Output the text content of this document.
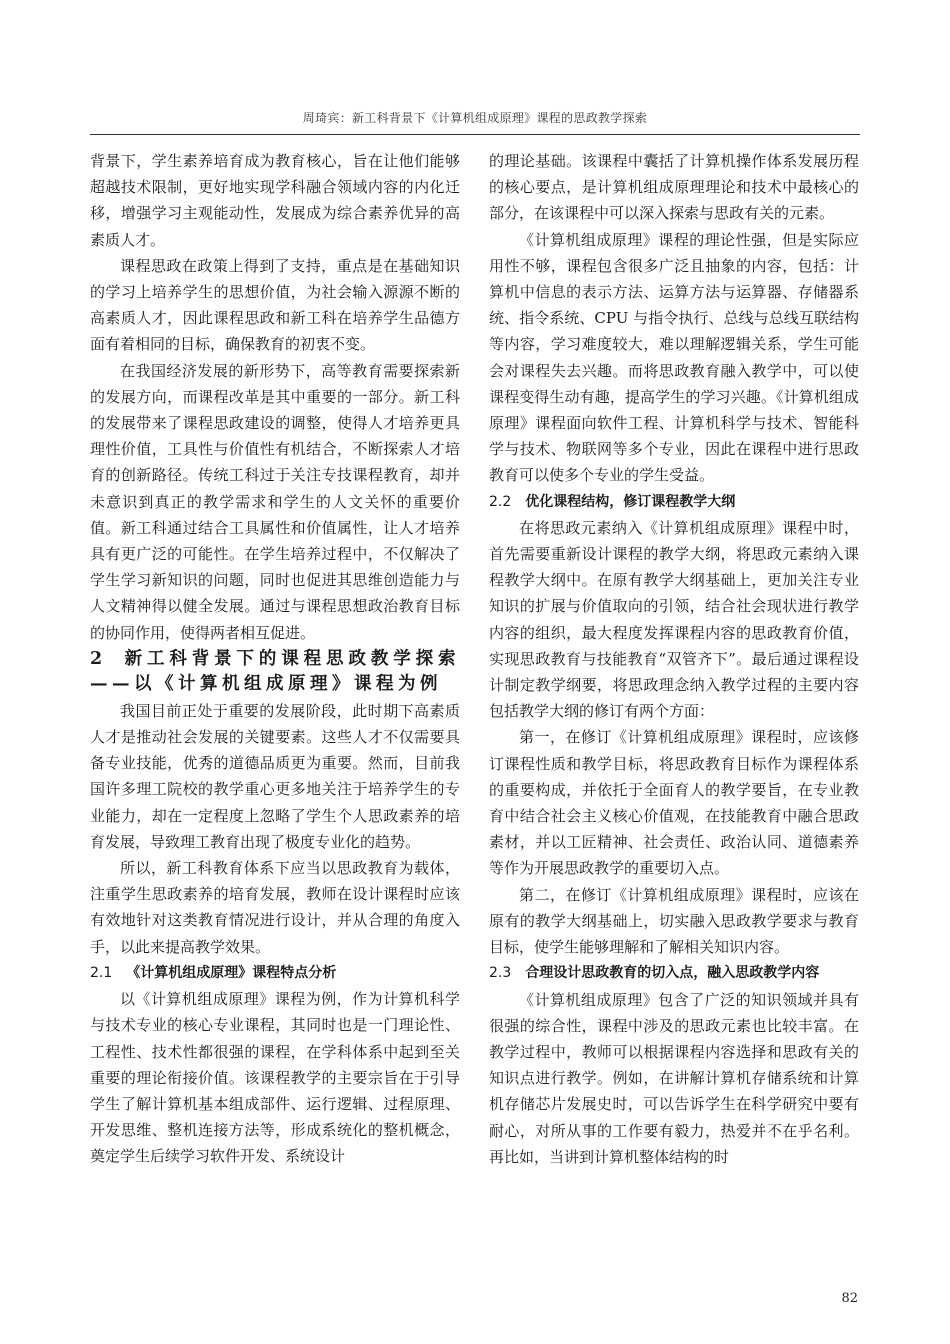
周琦宾：新工科背景下《计算机组成原理》课程的思政教学探索

背景下，学生素养培育成为教育核心，旨在让他们能够超越技术限制，更好地实现学科融合领域内容的内化迁移，增强学习主观能动性，发展成为综合素养优异的高素质人才。

课程思政在政策上得到了支持，重点是在基础知识的学习上培养学生的思想价值，为社会输入源源不断的高素质人才，因此课程思政和新工科在培养学生品德方面有着相同的目标，确保教育的初衷不变。

在我国经济发展的新形势下，高等教育需要探索新的发展方向，而课程改革是其中重要的一部分。新工科的发展带来了课程思政建设的调整，使得人才培养更具理性价值，工具性与价值性有机结合，不断探索人才培育的创新路径。传统工科过于关注专技课程教育，却并未意识到真正的教学需求和学生的人文关怀的重要价值。新工科通过结合工具属性和价值属性，让人才培养具有更广泛的可能性。在学生培养过程中，不仅解决了学生学习新知识的问题，同时也促进其思维创造能力与人文精神得以健全发展。通过与课程思想政治教育目标的协同作用，使得两者相互促进。

2 新工科背景下的课程思政教学探索——以《计算机组成原理》课程为例

我国目前正处于重要的发展阶段，此时期下高素质人才是推动社会发展的关键要素。这些人才不仅需要具备专业技能，优秀的道德品质更为重要。然而，目前我国许多理工院校的教学重心更多地关注于培养学生的专业能力，却在一定程度上忽略了学生个人思政素养的培育发展，导致理工教育出现了极度专业化的趋势。

所以，新工科教育体系下应当以思政教育为载体，注重学生思政素养的培育发展，教师在设计课程时应该有效地针对这类教育情况进行设计，并从合理的角度入手，以此来提高教学效果。

2.1 《计算机组成原理》课程特点分析

以《计算机组成原理》课程为例，作为计算机科学与技术专业的核心专业课程，其同时也是一门理论性、工程性、技术性都很强的课程，在学科体系中起到至关重要的理论衔接价值。该课程教学的主要宗旨在于引导学生了解计算机基本组成部件、运行逻辑、过程原理、开发思维、整机连接方法等，形成系统化的整机概念，奠定学生后续学习软件开发、系统设计

的理论基础。该课程中囊括了计算机操作体系发展历程的核心要点，是计算机组成原理理论和技术中最核心的部分，在该课程中可以深入探索与思政有关的元素。

《计算机组成原理》课程的理论性强，但是实际应用性不够，课程包含很多广泛且抽象的内容，包括：计算机中信息的表示方法、运算方法与运算器、存储器系统、指令系统、CPU 与指令执行、总线与总线互联结构等内容，学习难度较大，难以理解逻辑关系，学生可能会对课程失去兴趣。而将思政教育融入教学中，可以使课程变得生动有趣，提高学生的学习兴趣。《计算机组成原理》课程面向软件工程、计算机科学与技术、智能科学与技术、物联网等多个专业，因此在课程中进行思政教育可以使多个专业的学生受益。

2.2 优化课程结构，修订课程教学大纲

在将思政元素纳入《计算机组成原理》课程中时，首先需要重新设计课程的教学大纲，将思政元素纳入课程教学大纲中。在原有教学大纲基础上，更加关注专业知识的扩展与价值取向的引领，结合社会现状进行教学内容的组织，最大程度发挥课程内容的思政教育价值，实现思政教育与技能教育“双管齐下”。最后通过课程设计制定教学纲要，将思政理念纳入教学过程的主要内容包括教学大纲的修订有两个方面：

第一，在修订《计算机组成原理》课程时，应该修订课程性质和教学目标，将思政教育目标作为课程体系的重要构成，并依托于全面育人的教学要旨，在专业教育中结合社会主义核心价值观，在技能教育中融合思政素材，并以工匠精神、社会责任、政治认同、道德素养等作为开展思政教学的重要切入点。

第二，在修订《计算机组成原理》课程时，应该在原有的教学大纲基础上，切实融入思政教学要求与教育目标，使学生能够理解和了解相关知识内容。

2.3 合理设计思政教育的切入点，融入思政教学内容

《计算机组成原理》包含了广泛的知识领域并具有很强的综合性，课程中涉及的思政元素也比较丰富。在教学过程中，教师可以根据课程内容选择和思政有关的知识点进行教学。例如，在讲解计算机存储系统和计算机存储芯片发展史时，可以告诉学生在科学研究中要有耐心，对所从事的工作要有毅力，热爱并不在乎名利。再比如，当讲到计算机整体结构的时

82
